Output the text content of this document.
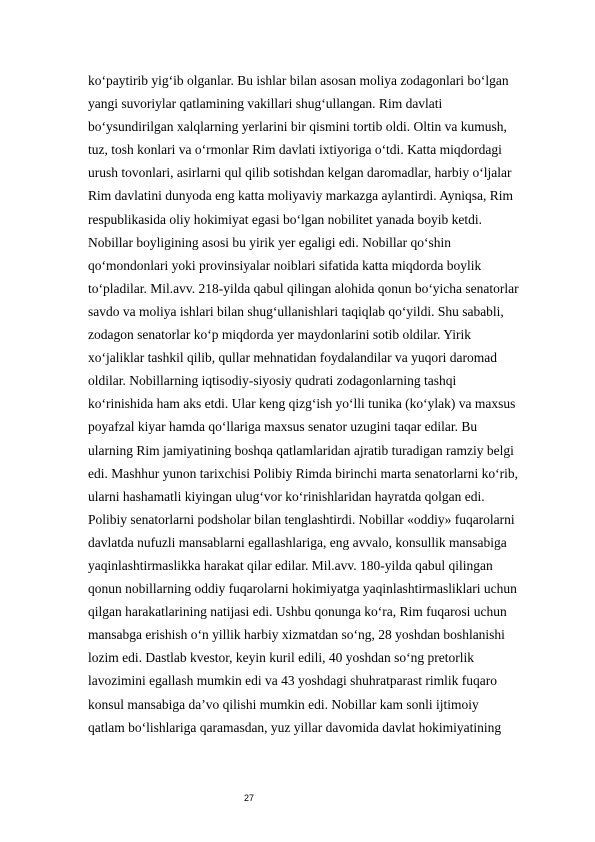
ko‘paytirib yig‘ib olganlar. Bu ishlar bilan asosan moliya zodagonlari bo‘lgan
yangi suvoriylar qatlamining vakillari shug‘ullangan. Rim davlati
bo‘ysundirilgan xalqlarning yerlarini bir qismini tortib oldi. Oltin va kumush,
tuz, tosh konlari va o‘rmonlar Rim davlati ixtiyoriga o‘tdi. Katta miqdordagi
urush tovonlari, asirlarni qul qilib sotishdan kelgan daromadlar, harbiy o‘ljalar
Rim davlatini dunyoda eng katta moliyaviy markazga aylantirdi. Ayniqsa, Rim
respublikasida oliy hokimiyat egasi bo‘lgan nobilitet yanada boyib ketdi.
Nobillar boyligining asosi bu yirik yer egaligi edi. Nobillar qo‘shin
qo‘mondonlari yoki provinsiyalar noiblari sifatida katta miqdorda boylik
to‘pladilar. Mil.avv. 218-yilda qabul qilingan alohida qonun bo‘yicha senatorlar
savdo va moliya ishlari bilan shug‘ullanishlari taqiqlab qo‘yildi. Shu sababli,
zodagon senatorlar ko‘p miqdorda yer maydonlarini sotib oldilar. Yirik
xo‘jaliklar tashkil qilib, qullar mehnatidan foydalandilar va yuqori daromad
oldilar. Nobillarning iqtisodiy-siyosiy qudrati zodagonlarning tashqi
ko‘rinishida ham aks etdi. Ular keng qizg‘ish yo‘lli tunika (ko‘ylak) va maxsus
poyafzal kiyar hamda qo‘llariga maxsus senator uzugini taqar edilar. Bu
ularning Rim jamiyatining boshqa qatlamlaridan ajratib turadigan ramziy belgi
edi. Mashhur yunon tarixchisi Polibiy Rimda birinchi marta senatorlarni ko‘rib,
ularni hashamatli kiyingan ulug‘vor ko‘rinishlaridan hayratda qolgan edi.
Polibiy senatorlarni podsholar bilan tenglashtirdi. Nobillar «oddiy» fuqarolarni
davlatda nufuzli mansablarni egallashlariga, eng avvalo, konsullik mansabiga
yaqinlashtirmaslikka harakat qilar edilar. Mil.avv. 180-yilda qabul qilingan
qonun nobillarning oddiy fuqarolarni hokimiyatga yaqinlashtirmasliklari uchun
qilgan harakatlarining natijasi edi. Ushbu qonunga ko‘ra, Rim fuqarosi uchun
mansabga erishish o‘n yillik harbiy xizmatdan so‘ng, 28 yoshdan boshlanishi
lozim edi. Dastlab kvestor, keyin kuril edili, 40 yoshdan so‘ng pretorlik
lavozimini egallash mumkin edi va 43 yoshdagi shuhratparast rimlik fuqaro
konsul mansabiga da’vo qilishi mumkin edi. Nobillar kam sonli ijtimoiy
qatlam bo‘lishlariga qaramasdan, yuz yillar davomida davlat hokimiyatining
27
